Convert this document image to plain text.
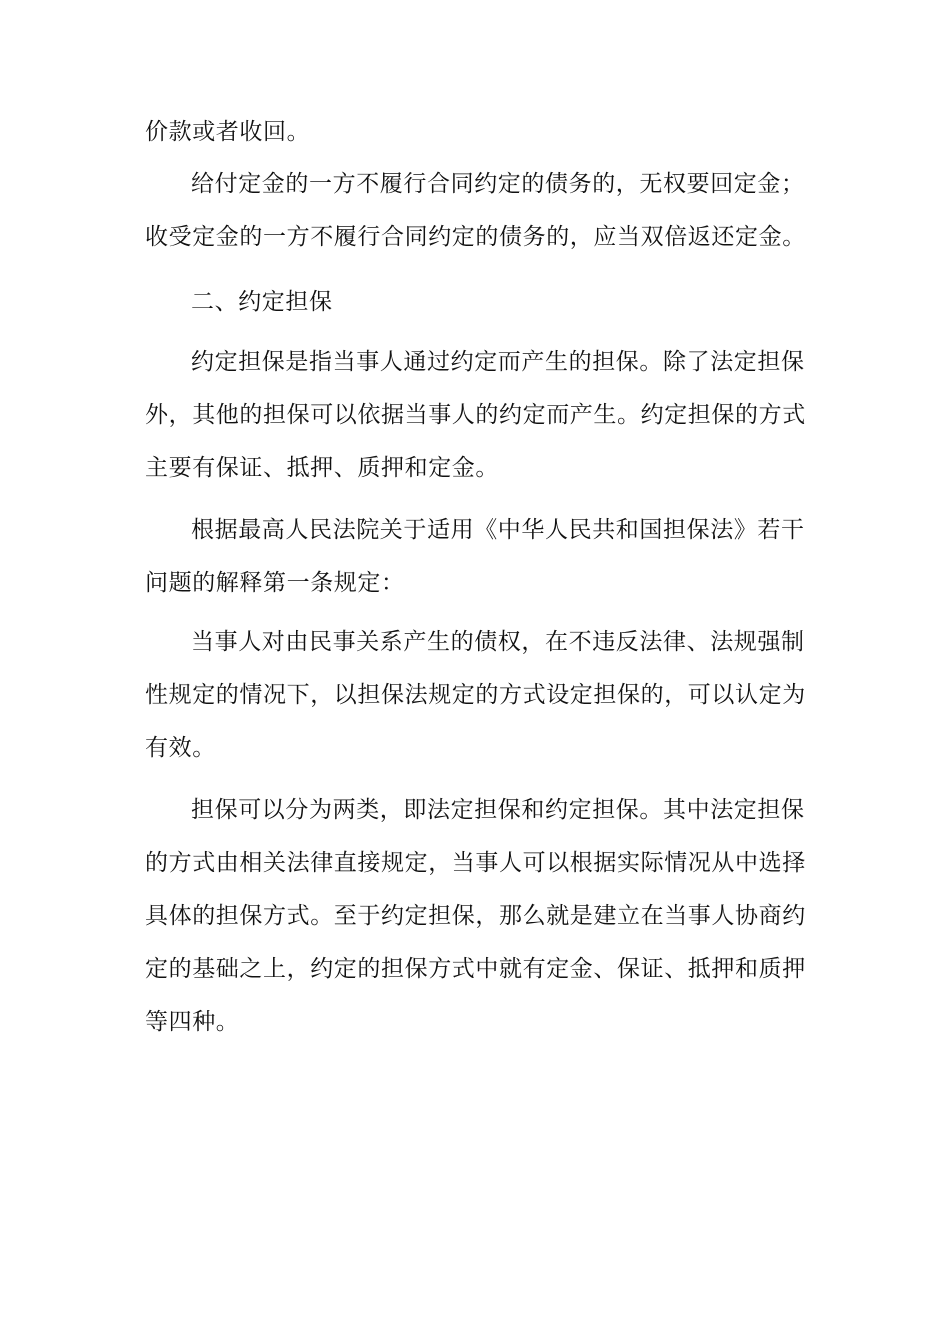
价款或者收回。
给付定金的一方不履行合同约定的债务的，无权要回定金；
收受定金的一方不履行合同约定的债务的，应当双倍返还定金。
二、约定担保
约定担保是指当事人通过约定而产生的担保。除了法定担保
外，其他的担保可以依据当事人的约定而产生。约定担保的方式
主要有保证、抵押、质押和定金。
根据最高人民法院关于适用《中华人民共和国担保法》若干
问题的解释第一条规定：
当事人对由民事关系产生的债权，在不违反法律、法规强制
性规定的情况下，以担保法规定的方式设定担保的，可以认定为
有效。
担保可以分为两类，即法定担保和约定担保。其中法定担保
的方式由相关法律直接规定，当事人可以根据实际情况从中选择
具体的担保方式。至于约定担保，那么就是建立在当事人协商约
定的基础之上，约定的担保方式中就有定金、保证、抵押和质押
等四种。
